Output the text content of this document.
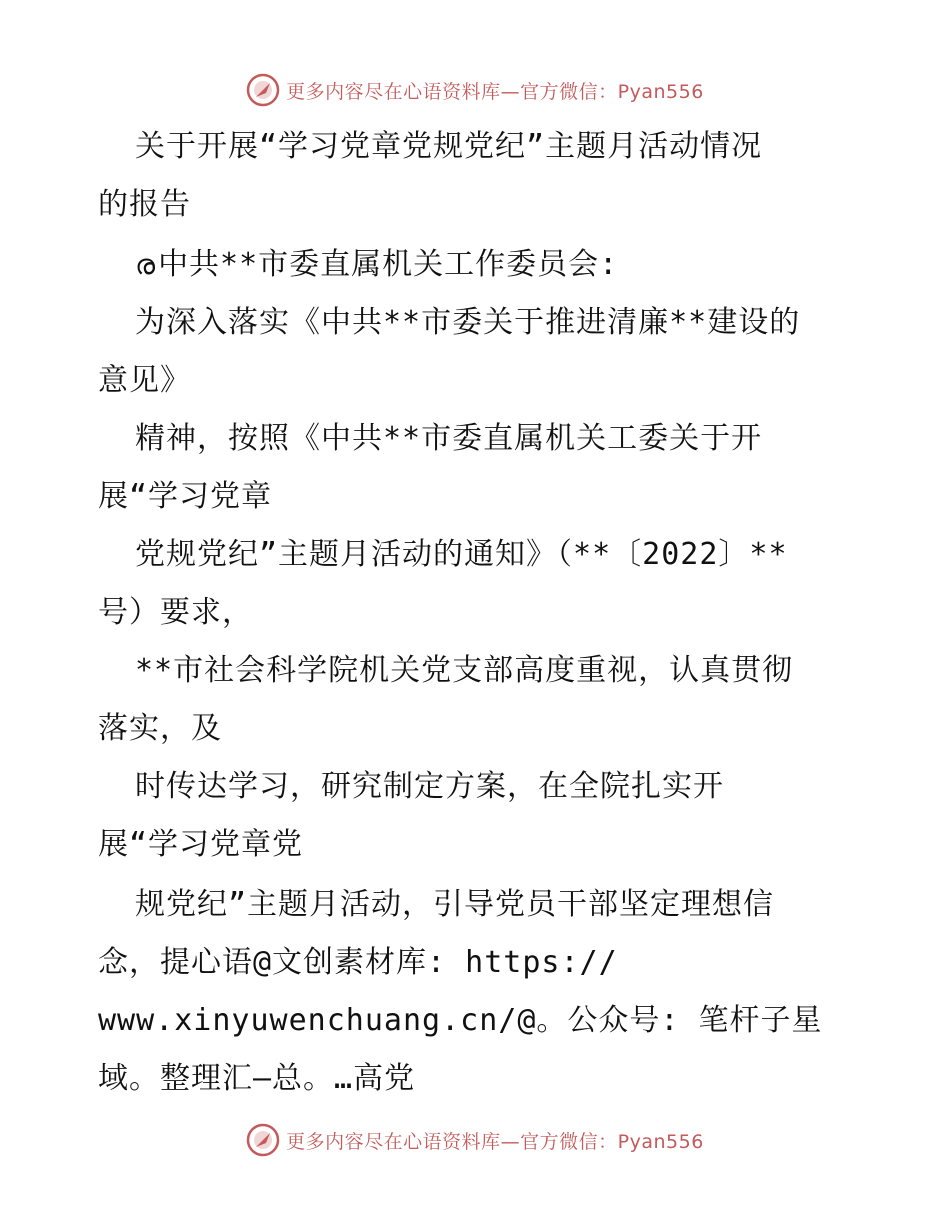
更多内容尽在心语资料库—官方微信：Pyan556
关于开展“学习党章党规党纪”主题月活动情况
的报告
ര中共**市委直属机关工作委员会:
为深入落实《中共**市委关于推进清廉**建设的
意见》
精神，按照《中共**市委直属机关工委关于开
展“学习党章
党规党纪”主题月活动的通知》（**〔2022〕**
号）要求，
**市社会科学院机关党支部高度重视，认真贯彻
落实，及
时传达学习，研究制定方案，在全院扎实开
展“学习党章党
规党纪”主题月活动，引导党员干部坚定理想信
念，提心语@文创素材库: https://
www.xinyuwenchuang.cn/@。公众号: 笔杆子星
域。整理汇—总。…高党
更多内容尽在心语资料库—官方微信：Pyan556
